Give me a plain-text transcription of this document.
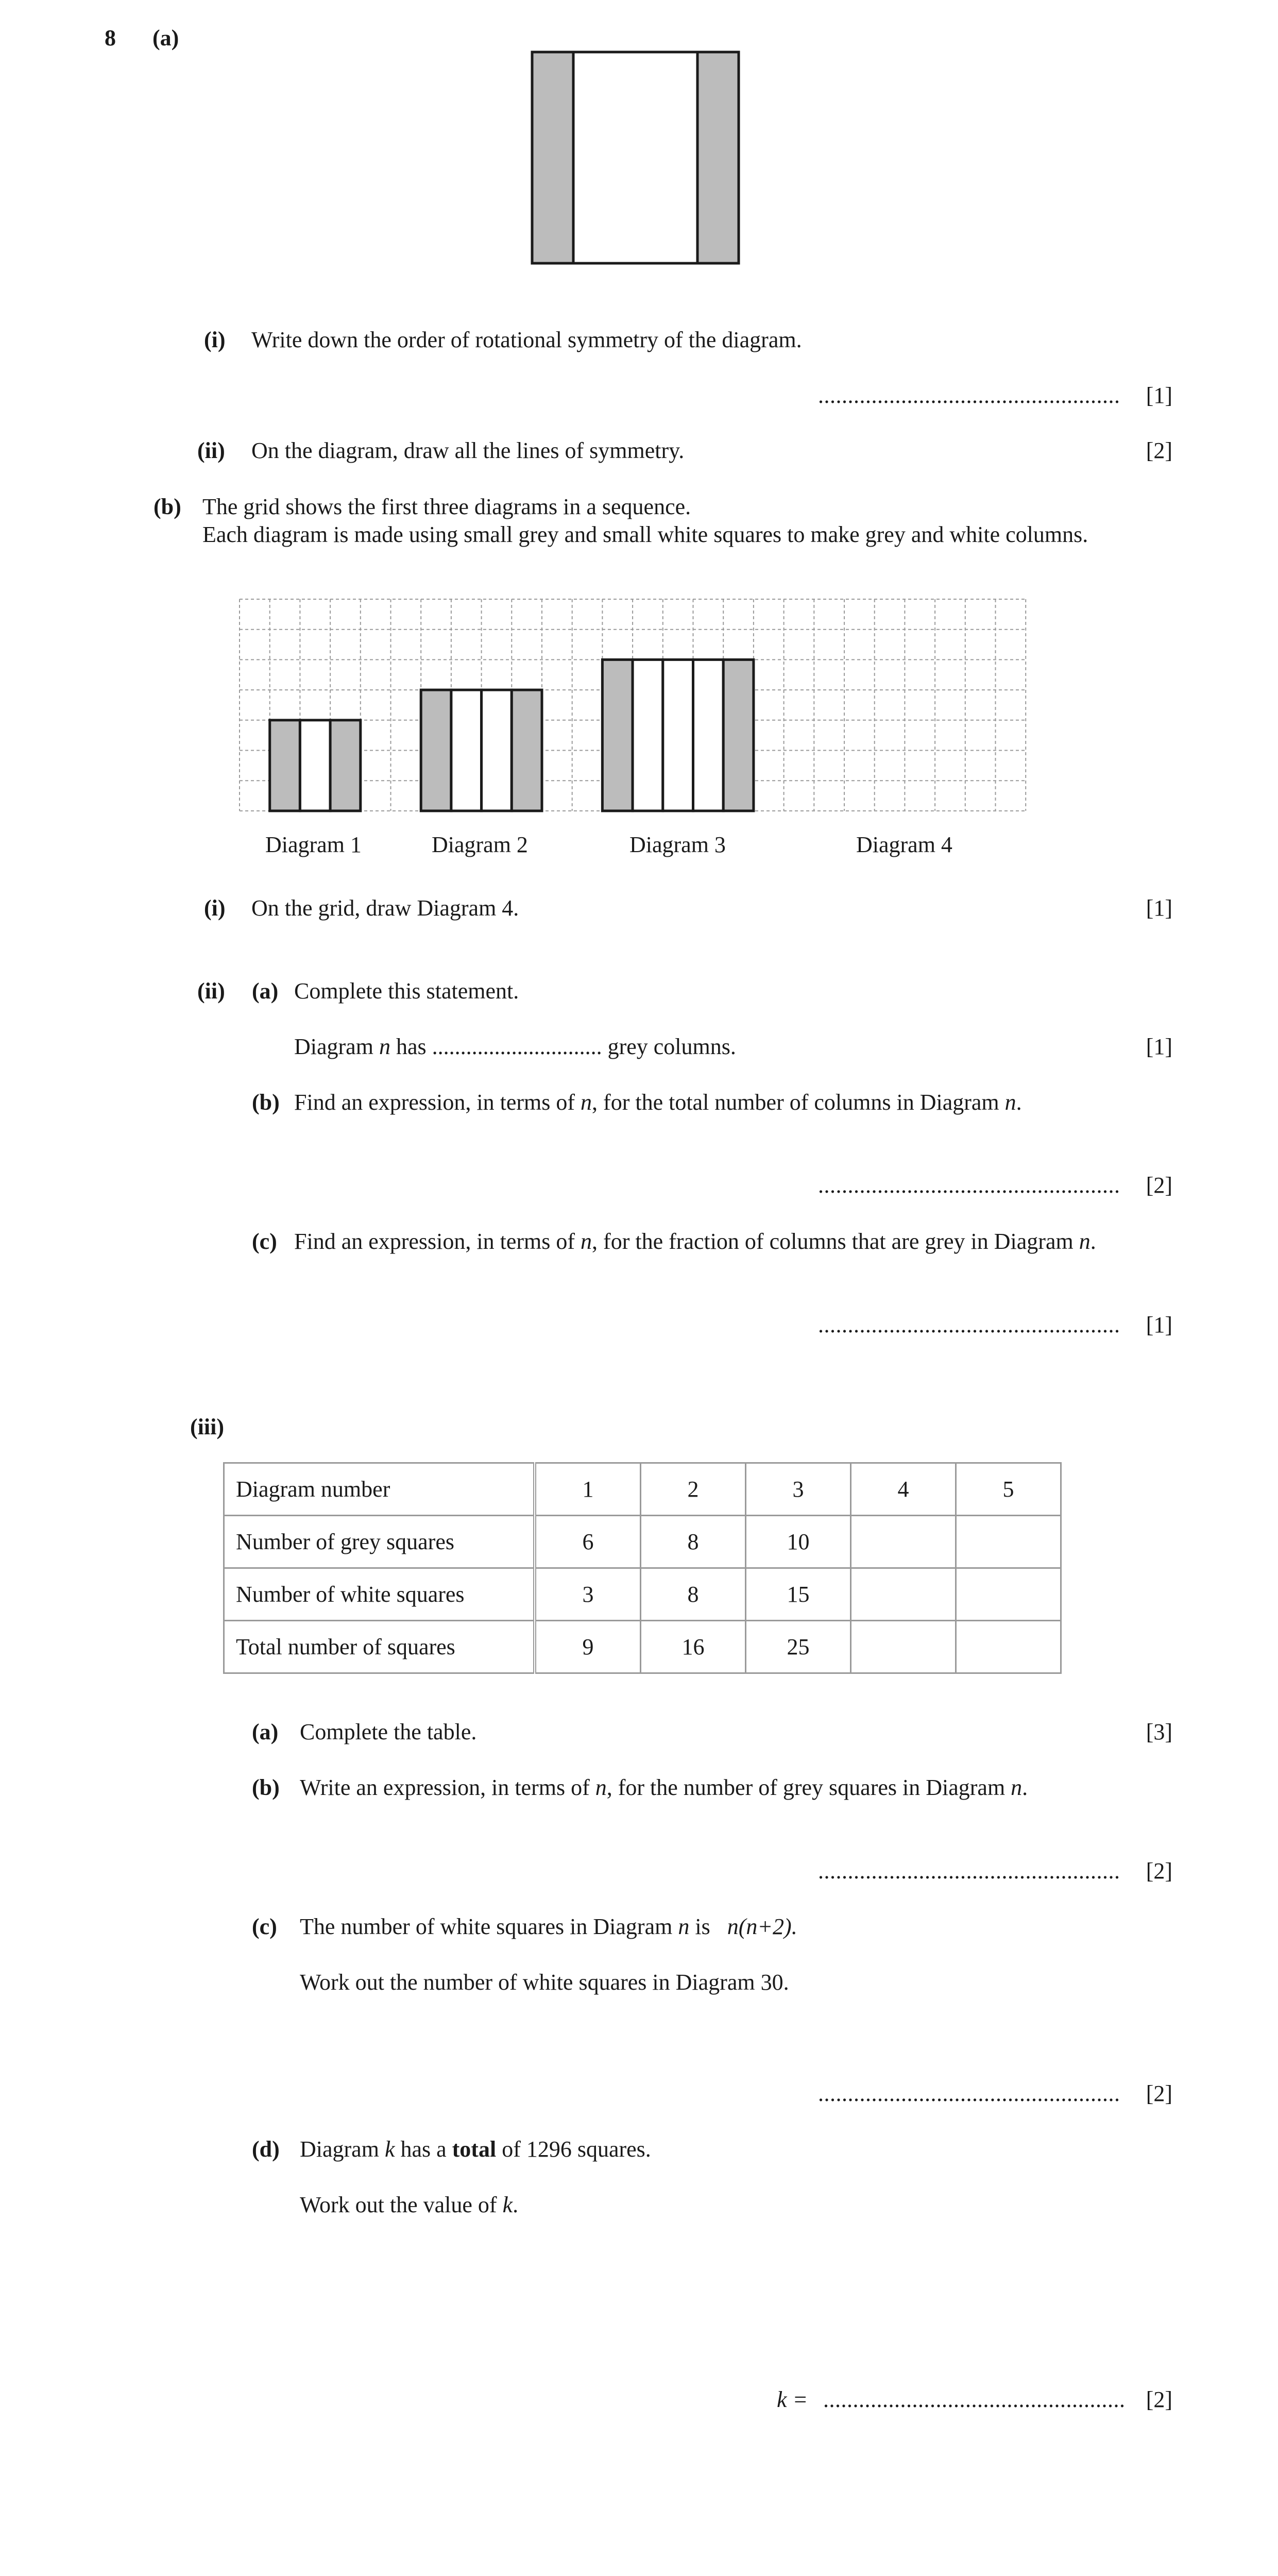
8 (a)
(i) Write down the order of rotational symmetry of the diagram.
................................................... [1]
(ii) On the diagram, draw all the lines of symmetry.	[2]
(b) The grid shows the first three diagrams in a sequence.
Each diagram is made using small grey and small white squares to make grey and white columns.
Diagram 1	Diagram 2	Diagram 3	Diagram 4
(i) On the grid, draw Diagram 4.	[1]
(ii) (a) Complete this statement.
Diagram n has .............................. grey columns.	[1]
(b) Find an expression, in terms of n, for the total number of columns in Diagram n.
................................................... [2]
(c) Find an expression, in terms of n, for the fraction of columns that are grey in Diagram n.
................................................... [1]
(iii)
Diagram number	1	2	3	4	5
Number of grey squares	6	8	10		
Number of white squares	3	8	15		
Total number of squares	9	16	25		
(a) Complete the table.	[3]
(b) Write an expression, in terms of n, for the number of grey squares in Diagram n.
................................................... [2]
(c) The number of white squares in Diagram n is   n(n+2).
Work out the number of white squares in Diagram 30.
................................................... [2]
(d) Diagram k has a total of 1296 squares.
Work out the value of k.
k = ................................................... [2]
